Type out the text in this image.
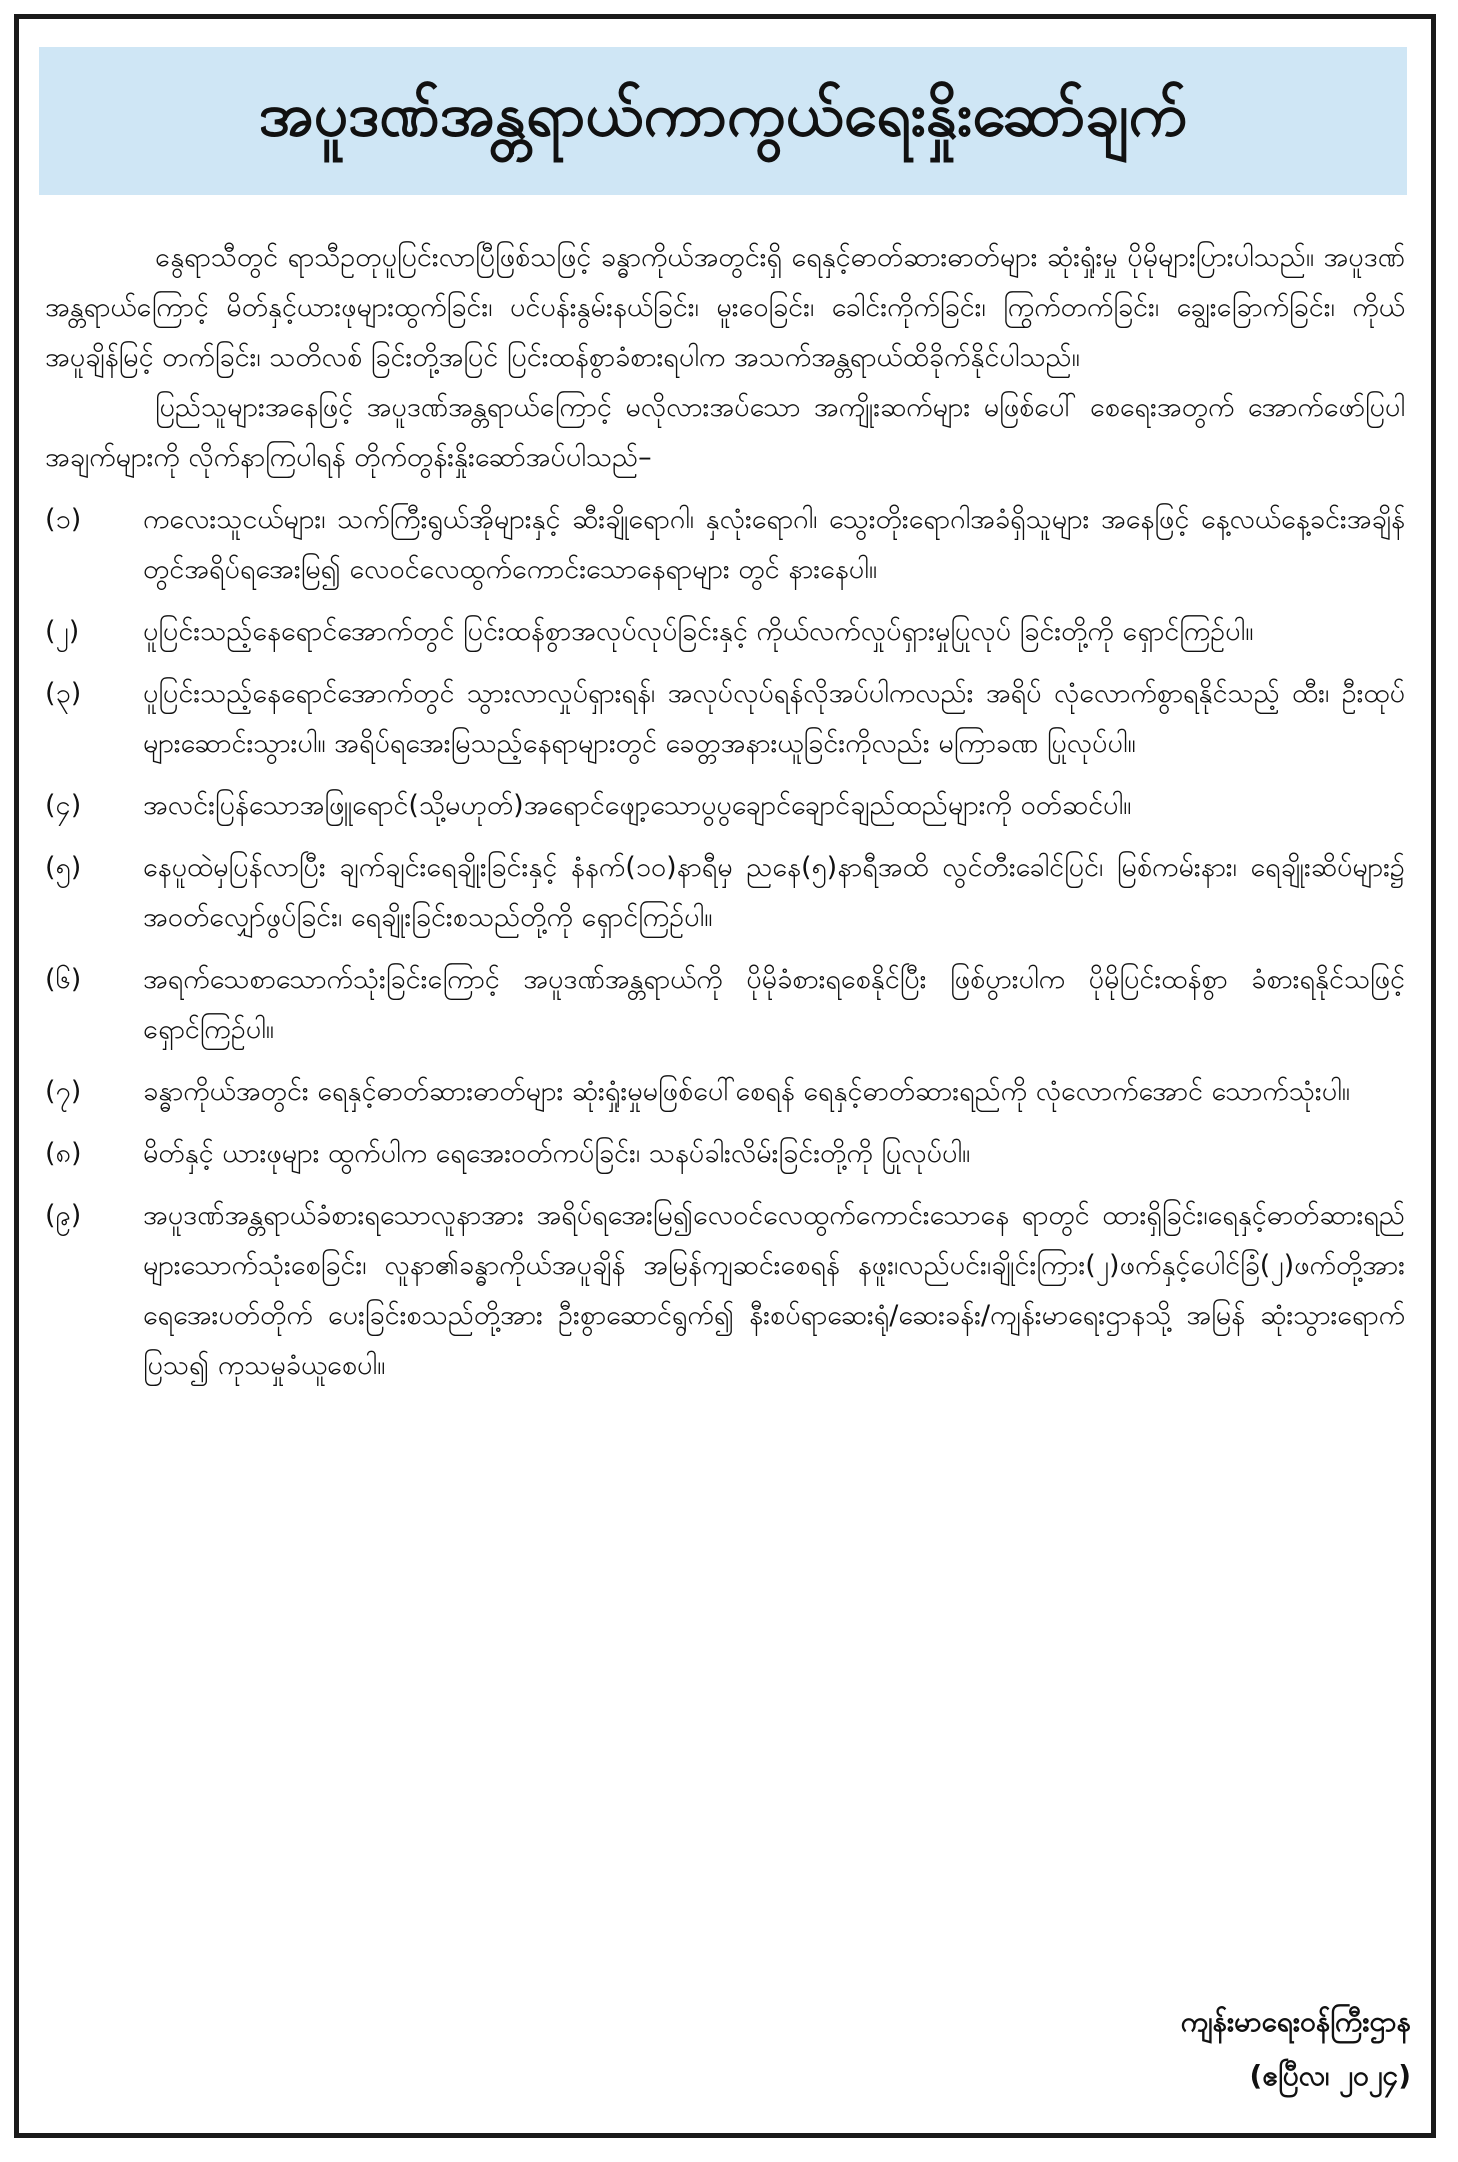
အပူဒဏ်အန္တရာယ်ကာကွယ်ရေးနှိုးဆော်ချက်

နွေရာသီတွင် ရာသီဥတုပူပြင်းလာပြီဖြစ်သဖြင့် ခန္ဓာကိုယ်အတွင်းရှိ ရေနှင့်ဓာတ်ဆားဓာတ်များ ဆုံးရှုံးမှု ပိုမိုများပြားပါသည်။ အပူဒဏ်အန္တရာယ်ကြောင့် မိတ်နှင့်ယားဖုများထွက်ခြင်း၊ ပင်ပန်းနွမ်းနယ်ခြင်း၊ မူးဝေခြင်း၊ ခေါင်းကိုက်ခြင်း၊ ကြွက်တက်ခြင်း၊ ချွေးခြောက်ခြင်း၊ ကိုယ်အပူချိန်မြင့် တက်ခြင်း၊ သတိလစ် ခြင်းတို့အပြင် ပြင်းထန်စွာခံစားရပါက အသက်အန္တရာယ်ထိခိုက်နိုင်ပါသည်။

ပြည်သူများအနေဖြင့် အပူဒဏ်အန္တရာယ်ကြောင့် မလိုလားအပ်သော အကျိုးဆက်များ မဖြစ်ပေါ် စေရေးအတွက် အောက်ဖော်ပြပါအချက်များကို လိုက်နာကြပါရန် တိုက်တွန်းနှိုးဆော်အပ်ပါသည်–

(၁)	ကလေးသူငယ်များ၊ သက်ကြီးရွယ်အိုများနှင့် ဆီးချိုရောဂါ၊ နှလုံးရောဂါ၊ သွေးတိုးရောဂါအခံရှိသူများ အနေဖြင့် နေ့လယ်နေ့ခင်းအချိန်တွင်အရိပ်ရအေးမြ၍ လေဝင်လေထွက်ကောင်းသောနေရာများ တွင် နားနေပါ။
(၂)	ပူပြင်းသည့်နေရောင်အောက်တွင် ပြင်းထန်စွာအလုပ်လုပ်ခြင်းနှင့် ကိုယ်လက်လှုပ်ရှားမှုပြုလုပ် ခြင်းတို့ကို ရှောင်ကြဉ်ပါ။
(၃)	ပူပြင်းသည့်နေရောင်အောက်တွင် သွားလာလှုပ်ရှားရန်၊ အလုပ်လုပ်ရန်လိုအပ်ပါကလည်း အရိပ် လုံလောက်စွာရနိုင်သည့် ထီး၊ ဦးထုပ်များဆောင်းသွားပါ။ အရိပ်ရအေးမြသည့်နေရာများတွင် ခေတ္တအနားယူခြင်းကိုလည်း မကြာခဏ ပြုလုပ်ပါ။
(၄)	အလင်းပြန်သောအဖြူရောင်(သို့မဟုတ်)အရောင်ဖျော့သောပွပွချောင်ချောင်ချည်ထည်များကို ဝတ်ဆင်ပါ။
(၅)	နေပူထဲမှပြန်လာပြီး ချက်ချင်းရေချိုးခြင်းနှင့် နံနက်(၁၀)နာရီမှ ညနေ(၅)နာရီအထိ လွင်တီးခေါင်ပြင်၊ မြစ်ကမ်းနား၊ ရေချိုးဆိပ်များ၌ အဝတ်လျှော်ဖွပ်ခြင်း၊ ရေချိုးခြင်းစသည်တို့ကို ရှောင်ကြဉ်ပါ။
(၆)	အရက်သေစာသောက်သုံးခြင်းကြောင့် အပူဒဏ်အန္တရာယ်ကို ပိုမိုခံစားရစေနိုင်ပြီး ဖြစ်ပွားပါက ပိုမိုပြင်းထန်စွာ ခံစားရနိုင်သဖြင့် ရှောင်ကြဉ်ပါ။
(၇)	ခန္ဓာကိုယ်အတွင်း ရေနှင့်ဓာတ်ဆားဓာတ်များ ဆုံးရှုံးမှုမဖြစ်ပေါ်စေရန် ရေနှင့်ဓာတ်ဆားရည်ကို လုံလောက်အောင် သောက်သုံးပါ။
(၈)	မိတ်နှင့် ယားဖုများ ထွက်ပါက ရေအေးဝတ်ကပ်ခြင်း၊ သနပ်ခါးလိမ်းခြင်းတို့ကို ပြုလုပ်ပါ။
(၉)	အပူဒဏ်အန္တရာယ်ခံစားရသောလူနာအား အရိပ်ရအေးမြ၍လေဝင်လေထွက်ကောင်းသောနေ ရာတွင် ထားရှိခြင်း၊ရေနှင့်ဓာတ်ဆားရည်များသောက်သုံးစေခြင်း၊ လူနာ၏ခန္ဓာကိုယ်အပူချိန် အမြန်ကျဆင်းစေရန် နဖူး၊လည်ပင်း၊ချိုင်းကြား(၂)ဖက်နှင့်ပေါင်ခြံ(၂)ဖက်တို့အား ရေအေးပတ်တိုက် ပေးခြင်းစသည်တို့အား ဦးစွာဆောင်ရွက်၍ နီးစပ်ရာဆေးရုံ/ဆေးခန်း/ကျန်းမာရေးဌာနသို့ အမြန် ဆုံးသွားရောက်ပြသ၍ ကုသမှုခံယူစေပါ။
ကျန်းမာရေးဝန်ကြီးဌာန
(ဧပြီလ၊ ၂၀၂၄)
